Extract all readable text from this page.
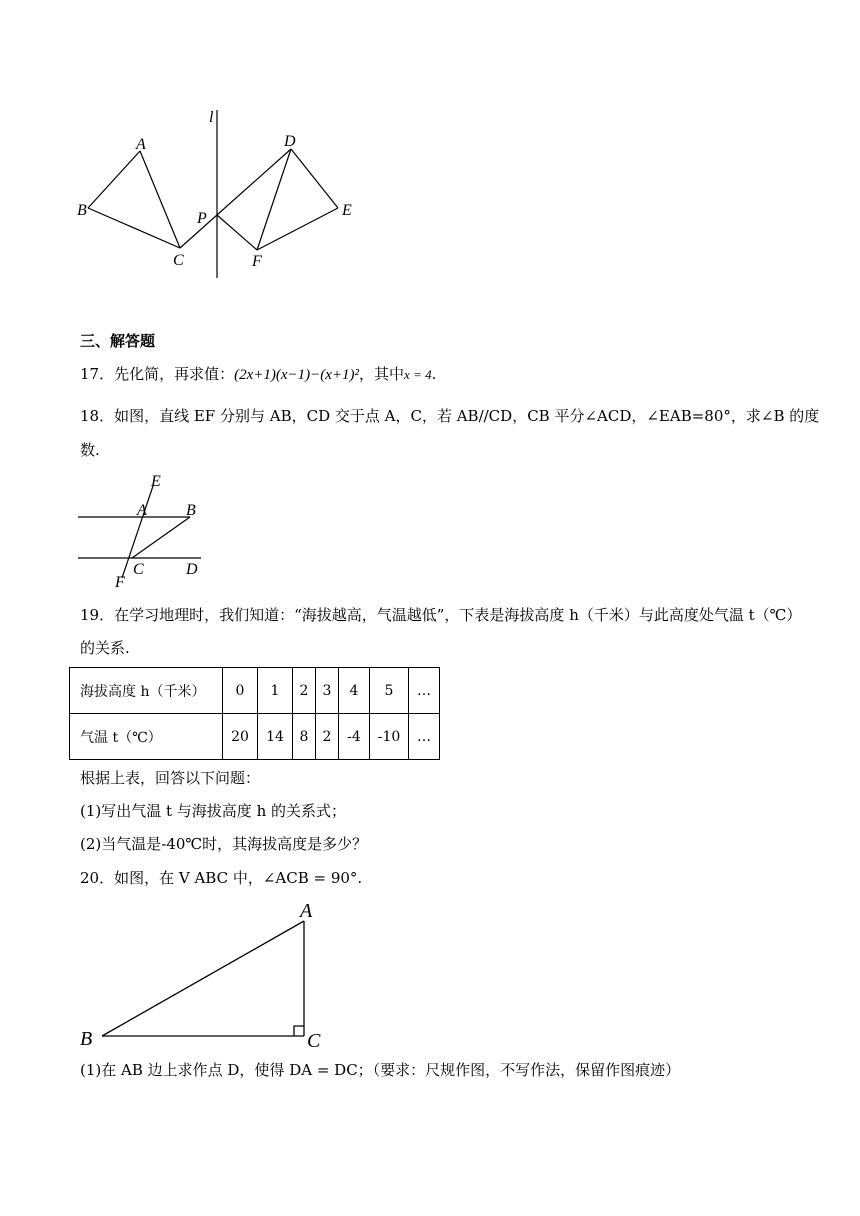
l
A
B
C
P
D
E
F
三、解答题
17．先化简，再求值：(2x+1)(x−1)−(x+1)²，其中x = 4.
18．如图，直线 EF 分别与 AB，CD 交于点 A，C，若 AB//CD，CB 平分∠ACD，∠EAB=80°，求∠B 的度
数.
E
A B
C	D
F
19．在学习地理时，我们知道：“海拔越高，气温越低”，下表是海拔高度 h（千米）与此高度处气温 t（℃）
的关系.
海拔高度 h（千米）	0	1	2	3	4	5	…
气温 t（℃）	20	14	8	2	-4	-10	…
根据上表，回答以下问题：
(1)写出气温 t 与海拔高度 h 的关系式；
(2)当气温是-40℃时，其海拔高度是多少？
20．如图，在 V ABC 中，∠ACB = 90°.
A
B	C
(1)在 AB 边上求作点 D，使得 DA = DC；（要求：尺规作图，不写作法，保留作图痕迹）
